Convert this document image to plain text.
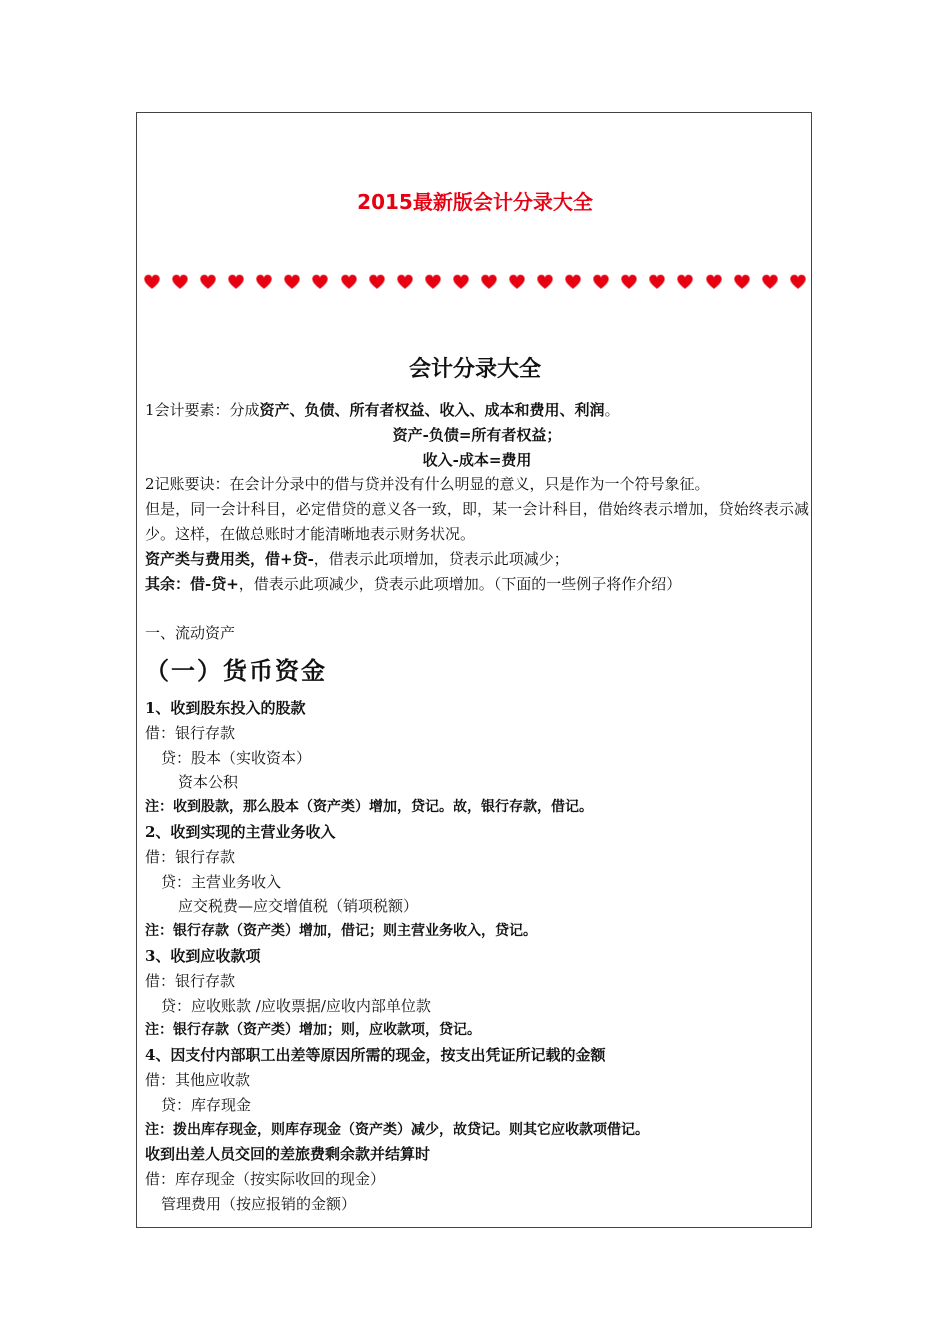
2015最新版会计分录大全
会计分录大全
1会计要素：分成资产、负债、所有者权益、收入、成本和费用、利润。
资产-负债=所有者权益；
收入-成本=费用
2记账要诀：在会计分录中的借与贷并没有什么明显的意义，只是作为一个符号象征。
但是，同一会计科目，必定借贷的意义各一致，即，某一会计科目，借始终表示增加，贷始终表示减少。这样，在做总账时才能清晰地表示财务状况。
资产类与费用类，借+贷-，借表示此项增加，贷表示此项减少；
其余：借-贷+，借表示此项减少，贷表示此项增加。（下面的一些例子将作介绍）
一、流动资产
（一）货币资金
1、收到股东投入的股款
借：银行存款
贷：股本（实收资本）
资本公积
注：收到股款，那么股本（资产类）增加，贷记。故，银行存款，借记。
2、收到实现的主营业务收入
借：银行存款
贷：主营业务收入
应交税费—应交增值税（销项税额）
注：银行存款（资产类）增加，借记；则主营业务收入，贷记。
3、收到应收款项
借：银行存款
贷：应收账款 /应收票据/应收内部单位款
注：银行存款（资产类）增加；则，应收款项，贷记。
4、因支付内部职工出差等原因所需的现金，按支出凭证所记载的金额
借：其他应收款
贷：库存现金
注：拨出库存现金，则库存现金（资产类）减少，故贷记。则其它应收款项借记。
收到出差人员交回的差旅费剩余款并结算时
借：库存现金（按实际收回的现金）
管理费用（按应报销的金额）
